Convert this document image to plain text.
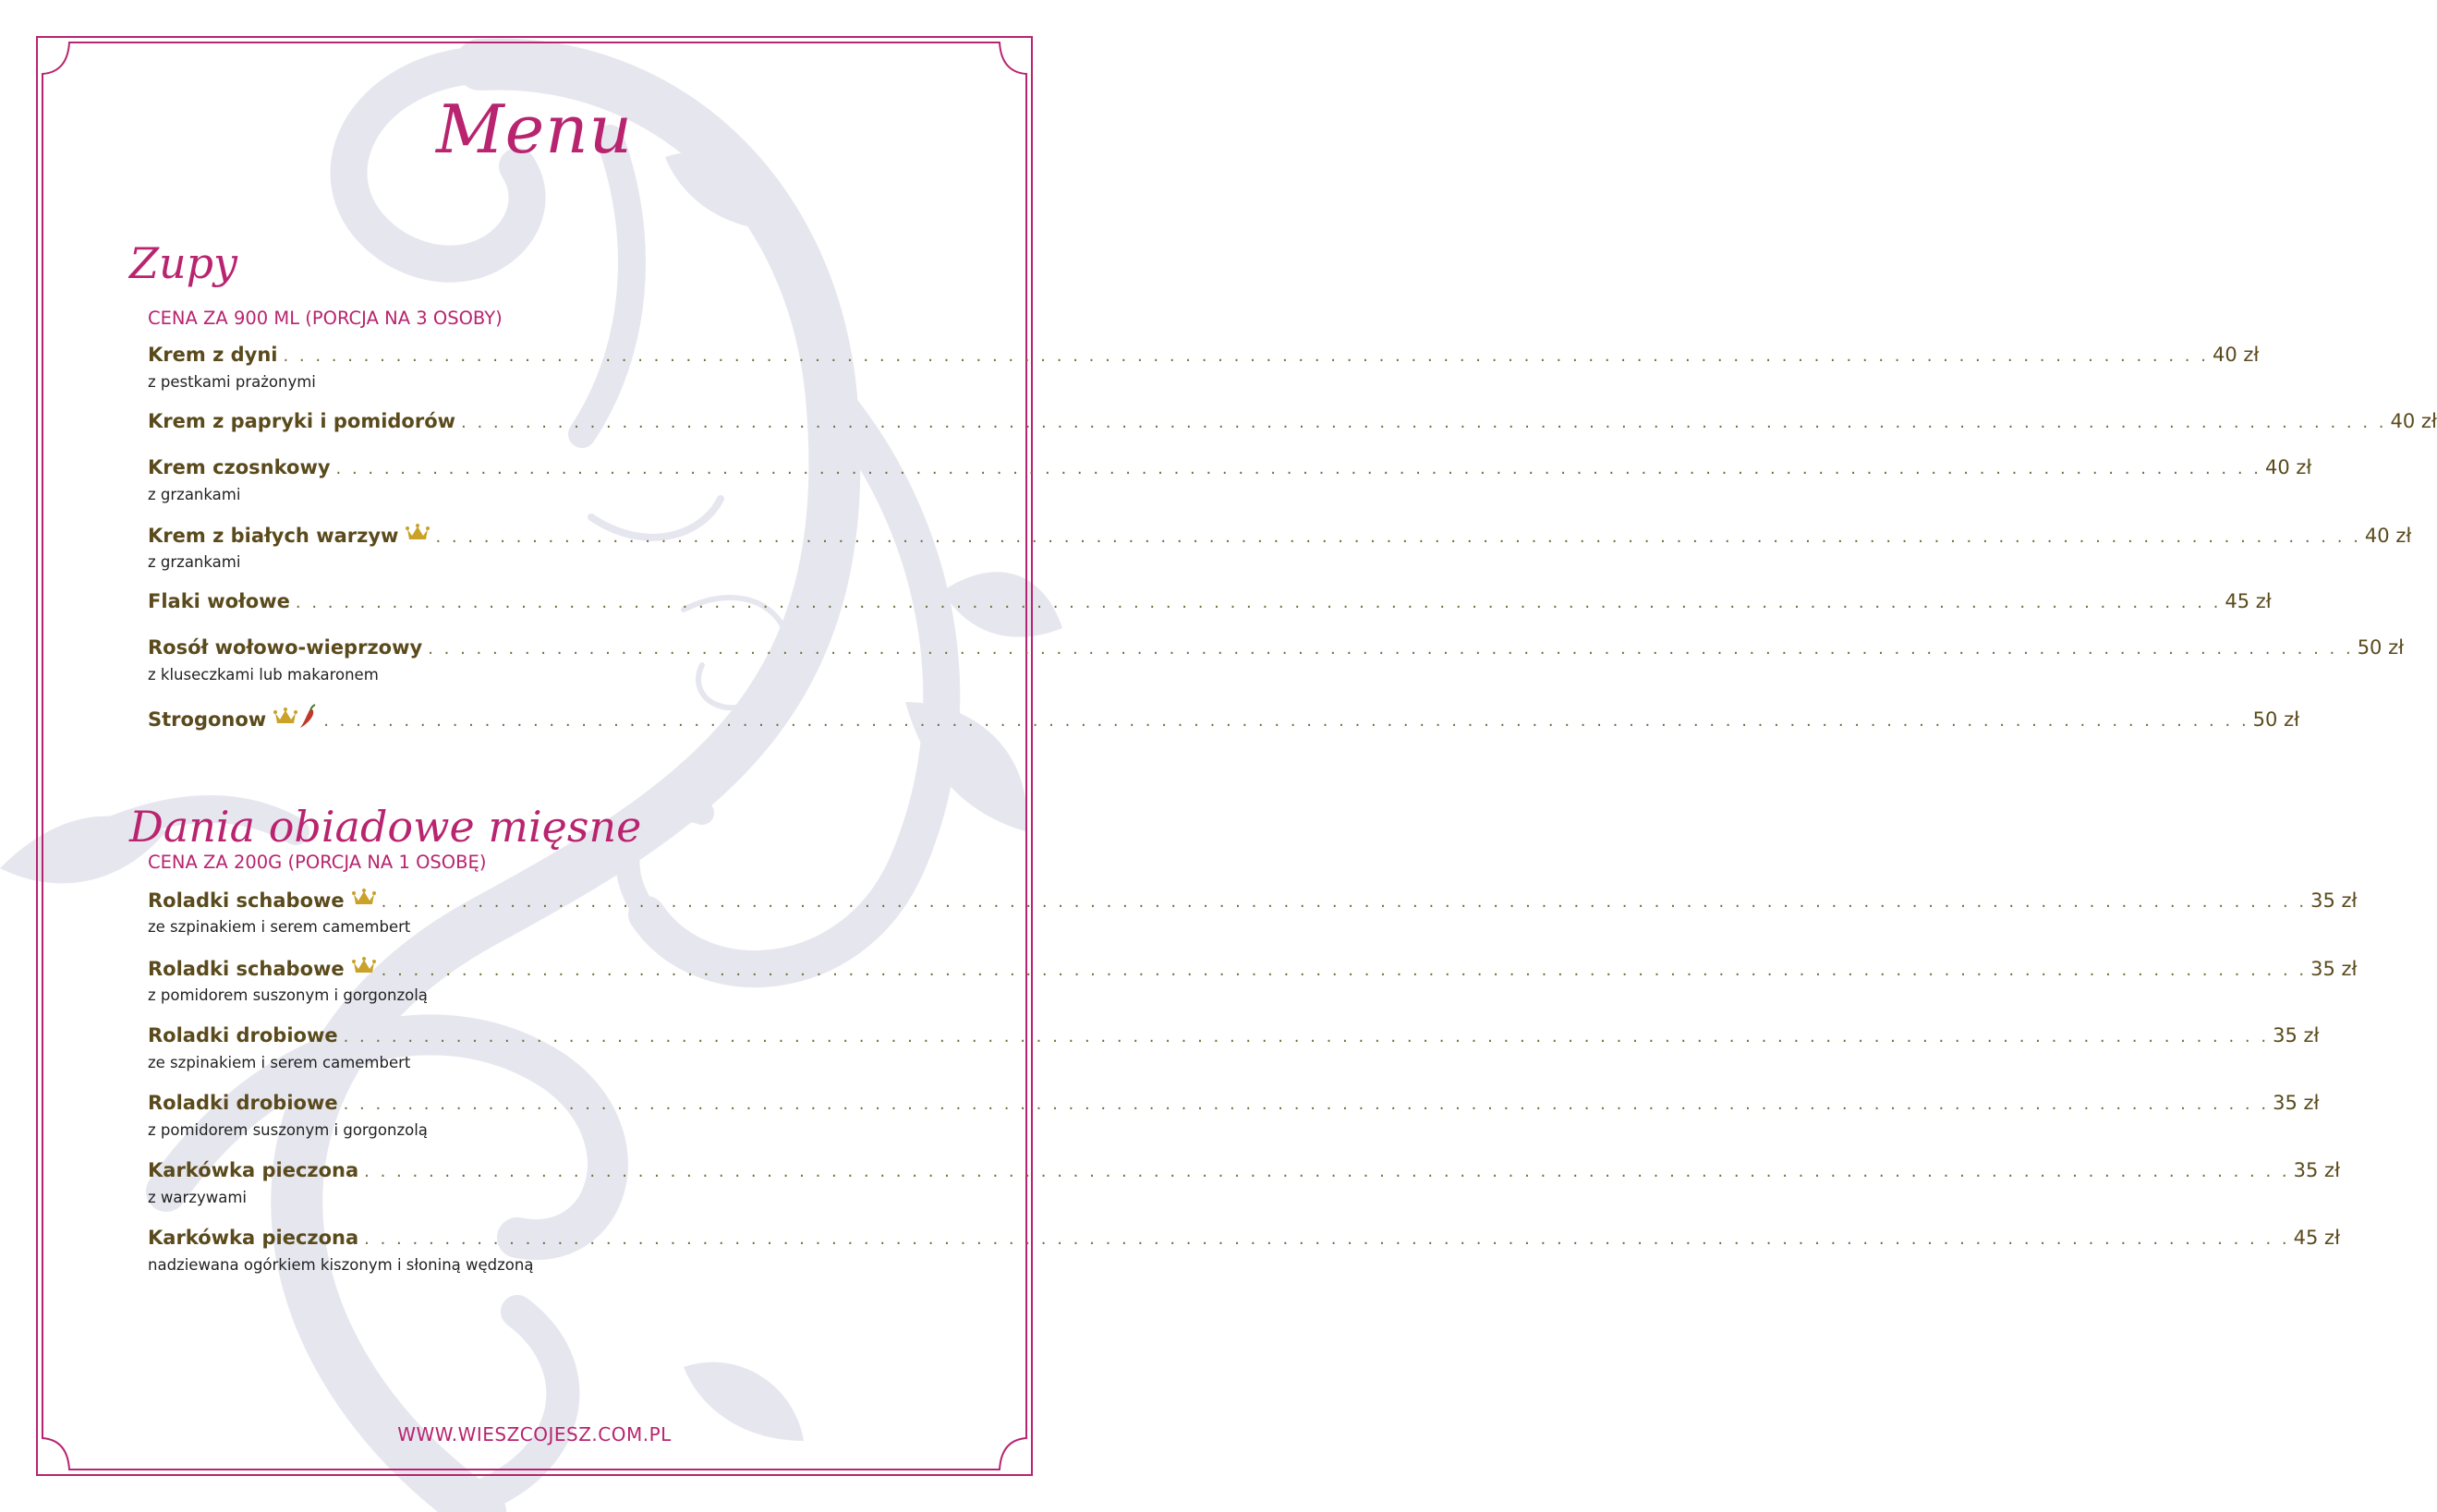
Menu
Zupy
CENA ZA 900 ML (PORCJA NA 3 OSOBY)
Krem z dyni . . . . . . . . . . . . . . . . . . . . . . . . . . . . . . . . . . . . . . . . . . . . . . . . . . . . . . . . . . . . . . . . . . . . . . . . . . . . . . . . . . . . . . . . . . . . . . . . . . . . . . . . . . . . . . . . . . . . . . . . 40 zł
z pestkami prażonymi
Krem z papryki i pomidorów . . . . . . . . . . . . . . . . . . . . . . . . . . . . . . . . . . . . . . . . . . . . . . . . . . . . . . . . . . . . . . . . . . . . . . . . . . . . . . . . . . . . . . . . . . . . . . . . . . . . . . . . . . . . . . . . . . . . . . . . 40 zł
Krem czosnkowy . . . . . . . . . . . . . . . . . . . . . . . . . . . . . . . . . . . . . . . . . . . . . . . . . . . . . . . . . . . . . . . . . . . . . . . . . . . . . . . . . . . . . . . . . . . . . . . . . . . . . . . . . . . . . . . . . . . . . . . . 40 zł
z grzankami
Krem z białych warzyw . . . . . . . . . . . . . . . . . . . . . . . . . . . . . . . . . . . . . . . . . . . . . . . . . . . . . . . . . . . . . . . . . . . . . . . . . . . . . . . . . . . . . . . . . . . . . . . . . . . . . . . . . . . . . . . . . . . . . . . . 40 zł
z grzankami
Flaki wołowe . . . . . . . . . . . . . . . . . . . . . . . . . . . . . . . . . . . . . . . . . . . . . . . . . . . . . . . . . . . . . . . . . . . . . . . . . . . . . . . . . . . . . . . . . . . . . . . . . . . . . . . . . . . . . . . . . . . . . . . . 45 zł
Rosół wołowo-wieprzowy . . . . . . . . . . . . . . . . . . . . . . . . . . . . . . . . . . . . . . . . . . . . . . . . . . . . . . . . . . . . . . . . . . . . . . . . . . . . . . . . . . . . . . . . . . . . . . . . . . . . . . . . . . . . . . . . . . . . . . . . 50 zł
z kluseczkami lub makaronem
Strogonow	. . . . . . . . . . . . . . . . . . . . . . . . . . . . . . . . . . . . . . . . . . . . . . . . . . . . . . . . . . . . . . . . . . . . . . . . . . . . . . . . . . . . . . . . . . . . . . . . . . . . . . . . . . . . . . . . . . . . . . . . 50 zł
Dania obiadowe mięsne
CENA ZA 200G (PORCJA NA 1 OSOBĘ)
Roladki schabowe . . . . . . . . . . . . . . . . . . . . . . . . . . . . . . . . . . . . . . . . . . . . . . . . . . . . . . . . . . . . . . . . . . . . . . . . . . . . . . . . . . . . . . . . . . . . . . . . . . . . . . . . . . . . . . . . . . . . . . . . 35 zł
ze szpinakiem i serem camembert
Roladki schabowe . . . . . . . . . . . . . . . . . . . . . . . . . . . . . . . . . . . . . . . . . . . . . . . . . . . . . . . . . . . . . . . . . . . . . . . . . . . . . . . . . . . . . . . . . . . . . . . . . . . . . . . . . . . . . . . . . . . . . . . . 35 zł
z pomidorem suszonym i gorgonzolą
Roladki drobiowe . . . . . . . . . . . . . . . . . . . . . . . . . . . . . . . . . . . . . . . . . . . . . . . . . . . . . . . . . . . . . . . . . . . . . . . . . . . . . . . . . . . . . . . . . . . . . . . . . . . . . . . . . . . . . . . . . . . . . . . . 35 zł
ze szpinakiem i serem camembert
Roladki drobiowe . . . . . . . . . . . . . . . . . . . . . . . . . . . . . . . . . . . . . . . . . . . . . . . . . . . . . . . . . . . . . . . . . . . . . . . . . . . . . . . . . . . . . . . . . . . . . . . . . . . . . . . . . . . . . . . . . . . . . . . . 35 zł
z pomidorem suszonym i gorgonzolą
Karkówka pieczona . . . . . . . . . . . . . . . . . . . . . . . . . . . . . . . . . . . . . . . . . . . . . . . . . . . . . . . . . . . . . . . . . . . . . . . . . . . . . . . . . . . . . . . . . . . . . . . . . . . . . . . . . . . . . . . . . . . . . . . . 35 zł
z warzywami
Karkówka pieczona . . . . . . . . . . . . . . . . . . . . . . . . . . . . . . . . . . . . . . . . . . . . . . . . . . . . . . . . . . . . . . . . . . . . . . . . . . . . . . . . . . . . . . . . . . . . . . . . . . . . . . . . . . . . . . . . . . . . . . . . 45 zł
nadziewana ogórkiem kiszonym i słoniną wędzoną
WWW.WIESZCOJESZ.COM.PL
